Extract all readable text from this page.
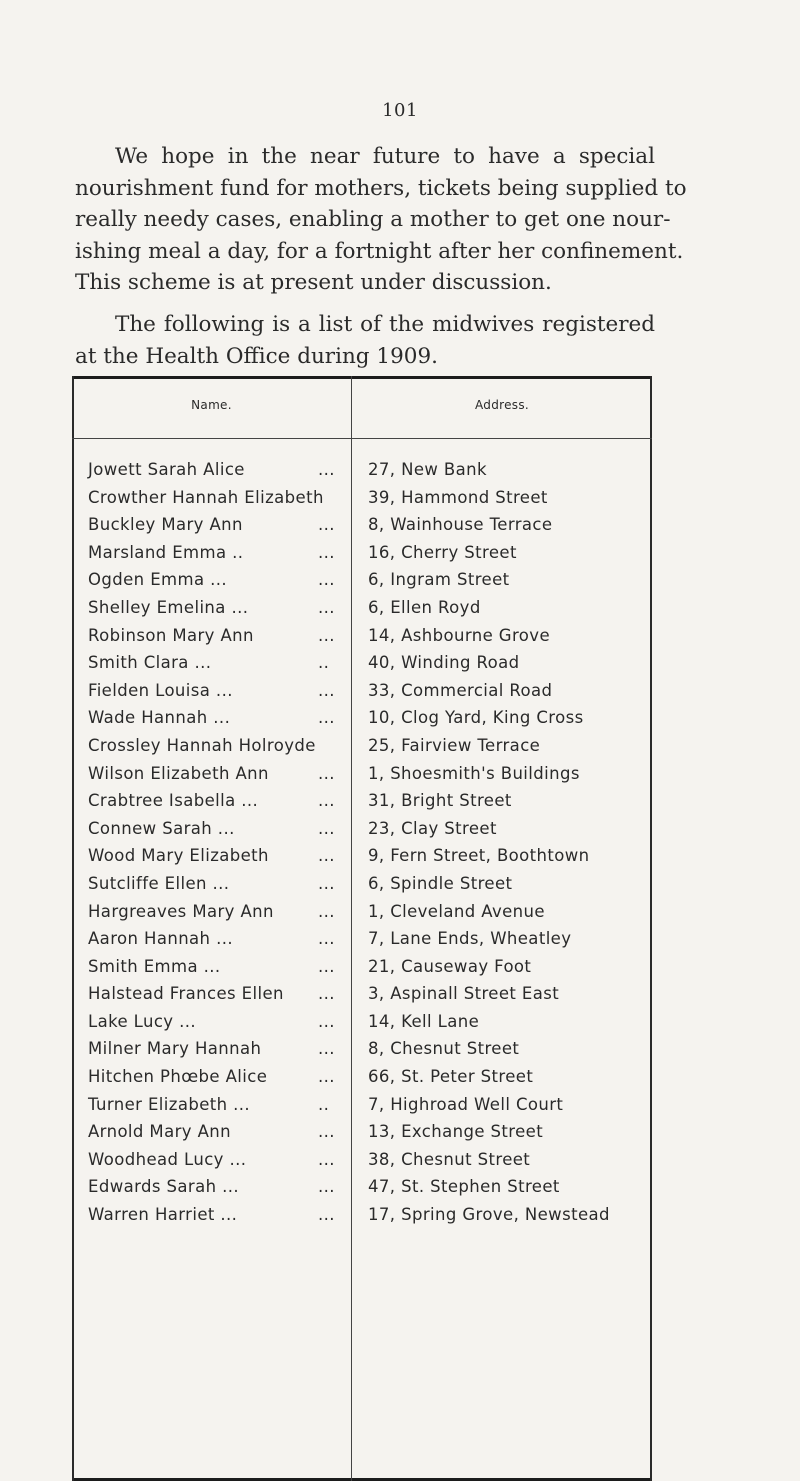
101
We hope in the near future to have a special
nourishment fund for mothers, tickets being supplied to
really needy cases, enabling a mother to get one nour-
ishing meal a day, for a fortnight after her confinement.
This scheme is at present under discussion.
The following is a list of the midwives registered
at the Health Office during 1909.
Name.	Address.
Jowett Sarah Alice	...	27, New Bank
Crowther Hannah Elizabeth	39, Hammond Street
Buckley Mary Ann	...	8, Wainhouse Terrace
Marsland Emma ..	...	16, Cherry Street
Ogden Emma ...	...	6, Ingram Street
Shelley Emelina ...	...	6, Ellen Royd
Robinson Mary Ann	...	14, Ashbourne Grove
Smith Clara ...	..	40, Winding Road
Fielden Louisa ...	...	33, Commercial Road
Wade Hannah ...	...	10, Clog Yard, King Cross
Crossley Hannah Holroyde	25, Fairview Terrace
Wilson Elizabeth Ann	...	1, Shoesmith's Buildings
Crabtree Isabella ...	...	31, Bright Street
Connew Sarah ...	...	23, Clay Street
Wood Mary Elizabeth	...	9, Fern Street, Boothtown
Sutcliffe Ellen ...	...	6, Spindle Street
Hargreaves Mary Ann	...	1, Cleveland Avenue
Aaron Hannah ...	...	7, Lane Ends, Wheatley
Smith Emma ...	...	21, Causeway Foot
Halstead Frances Ellen ...	3, Aspinall Street East
Lake Lucy ...	...	14, Kell Lane
Milner Mary Hannah	...	8, Chesnut Street
Hitchen Phœbe Alice	...	66, St. Peter Street
Turner Elizabeth ...	..	7, Highroad Well Court
Arnold Mary Ann	...	13, Exchange Street
Woodhead Lucy ...	...	38, Chesnut Street
Edwards Sarah ...	...	47, St. Stephen Street
Warren Harriet ...	...	17, Spring Grove, Newstead
